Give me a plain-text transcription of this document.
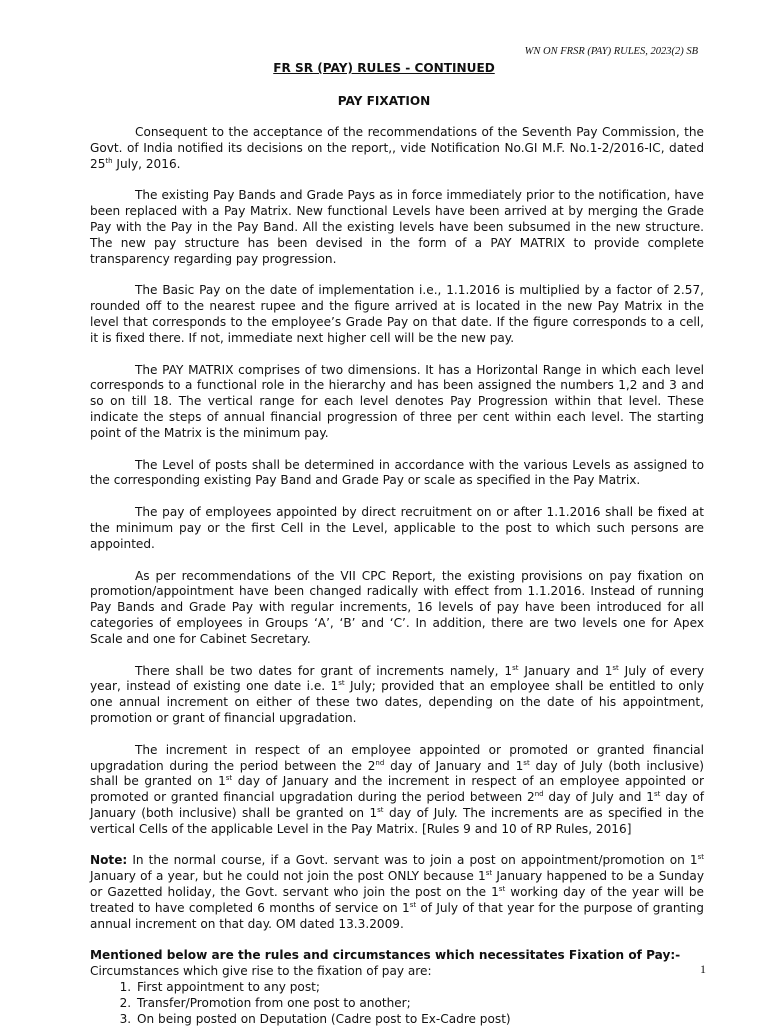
WN ON FRSR (PAY) RULES, 2023(2) SB
FR SR (PAY) RULES - CONTINUED
PAY FIXATION

Consequent to the acceptance of the recommendations of the Seventh Pay Commission, the Govt. of India notified its decisions on the report,, vide Notification No.GI M.F. No.1-2/2016-IC, dated 25th July, 2016.

The existing Pay Bands and Grade Pays as in force immediately prior to the notification, have been replaced with a Pay Matrix. New functional Levels have been arrived at by merging the Grade Pay with the Pay in the Pay Band. All the existing levels have been subsumed in the new structure. The new pay structure has been devised in the form of a PAY MATRIX to provide complete transparency regarding pay progression.

The Basic Pay on the date of implementation i.e., 1.1.2016 is multiplied by a factor of 2.57, rounded off to the nearest rupee and the figure arrived at is located in the new Pay Matrix in the level that corresponds to the employee’s Grade Pay on that date. If the figure corresponds to a cell, it is fixed there. If not, immediate next higher cell will be the new pay.

The PAY MATRIX comprises of two dimensions. It has a Horizontal Range in which each level corresponds to a functional role in the hierarchy and has been assigned the numbers 1,2 and 3 and so on till 18. The vertical range for each level denotes Pay Progression within that level. These indicate the steps of annual financial progression of three per cent within each level. The starting point of the Matrix is the minimum pay.

The Level of posts shall be determined in accordance with the various Levels as assigned to the corresponding existing Pay Band and Grade Pay or scale as specified in the Pay Matrix.

The pay of employees appointed by direct recruitment on or after 1.1.2016 shall be fixed at the minimum pay or the first Cell in the Level, applicable to the post to which such persons are appointed.

As per recommendations of the VII CPC Report, the existing provisions on pay fixation on promotion/appointment have been changed radically with effect from 1.1.2016. Instead of running Pay Bands and Grade Pay with regular increments, 16 levels of pay have been introduced for all categories of employees in Groups ‘A’, ‘B’ and ‘C’. In addition, there are two levels one for Apex Scale and one for Cabinet Secretary.

There shall be two dates for grant of increments namely, 1st January and 1st July of every year, instead of existing one date i.e. 1st July; provided that an employee shall be entitled to only one annual increment on either of these two dates, depending on the date of his appointment, promotion or grant of financial upgradation.

The increment in respect of an employee appointed or promoted or granted financial upgradation during the period between the 2nd day of January and 1st day of July (both inclusive) shall be granted on 1st day of January and the increment in respect of an employee appointed or promoted or granted financial upgradation during the period between 2nd day of July and 1st day of January (both inclusive) shall be granted on 1st day of July. The increments are as specified in the vertical Cells of the applicable Level in the Pay Matrix. [Rules 9 and 10 of RP Rules, 2016]

Note: In the normal course, if a Govt. servant was to join a post on appointment/promotion on 1st January of a year, but he could not join the post ONLY because 1st January happened to be a Sunday or Gazetted holiday, the Govt. servant who join the post on the 1st working day of the year will be treated to have completed 6 months of service on 1st of July of that year for the purpose of granting annual increment on that day. OM dated 13.3.2009.

Mentioned below are the rules and circumstances which necessitates Fixation of Pay:-
Circumstances which give rise to the fixation of pay are:
1. First appointment to any post;
2. Transfer/Promotion from one post to another;
3. On being posted on Deputation (Cadre post to Ex-Cadre post)
1
